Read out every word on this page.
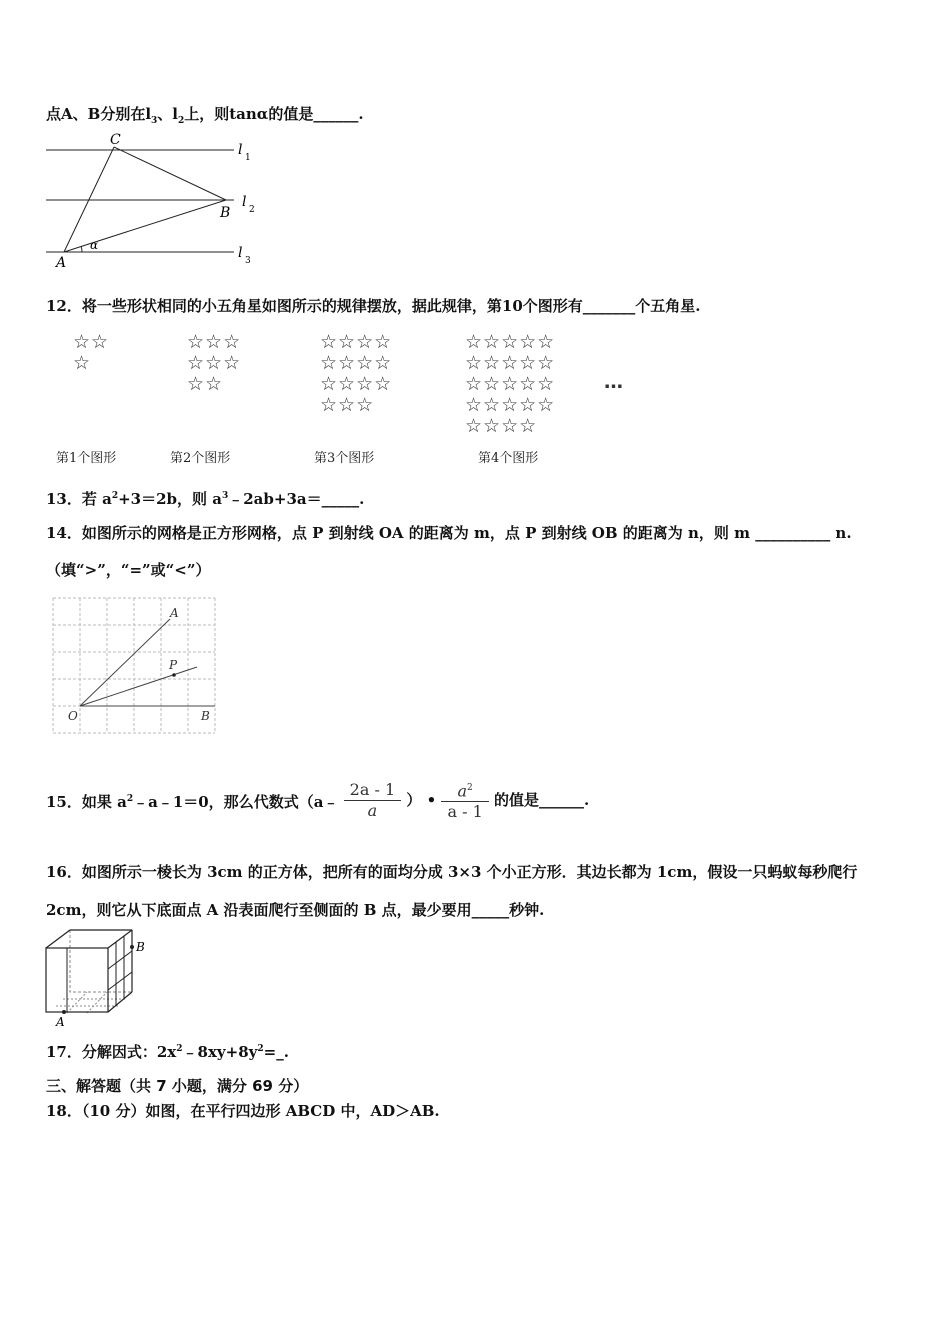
点A、B分别在$l_3$、$l_2$上，则tanα的值是______.
C
B
A
α
l 1
l 2
l 3
12．将一些形状相同的小五角星如图所示的规律摆放，据此规律，第10个图形有_______个五角星.
☆☆
☆
☆☆☆
☆☆☆
☆☆
☆☆☆☆
☆☆☆☆
☆☆☆☆
☆☆☆
☆☆☆☆☆
☆☆☆☆☆
☆☆☆☆☆
☆☆☆☆☆
☆☆☆☆
…
第1个图形	第2个图形	第3个图形	第4个图形
13．若 $a^2+3=2b$，则 $a^3﹣2ab+3a=\_\_\_\_\_$.
14．如图所示的网格是正方形网格，点 P 到射线 OA 的距离为 m，点 P 到射线 OB 的距离为 n，则 m __________ n.
（填“>”，“=”或“<”）
A
P
O	B
15．如果 $a^2﹣a﹣1=0$，那么代数式（a﹣ $\frac{2a - 1}{a}$ ） • $\frac{a^2}{a - 1}$ 的值是______.
16．如图所示一棱长为 3cm 的正方体，把所有的面均分成 3×3 个小正方形．其边长都为 1cm，假设一只蚂蚁每秒爬行
2cm，则它从下底面点 A 沿表面爬行至侧面的 B 点，最少要用_____秒钟.
B
A
17．分解因式：$2x^2﹣8xy+8y^2=\_$.
三、解答题（共 7 小题，满分 69 分）
18．（10 分）如图，在平行四边形 ABCD 中，AD＞AB.
